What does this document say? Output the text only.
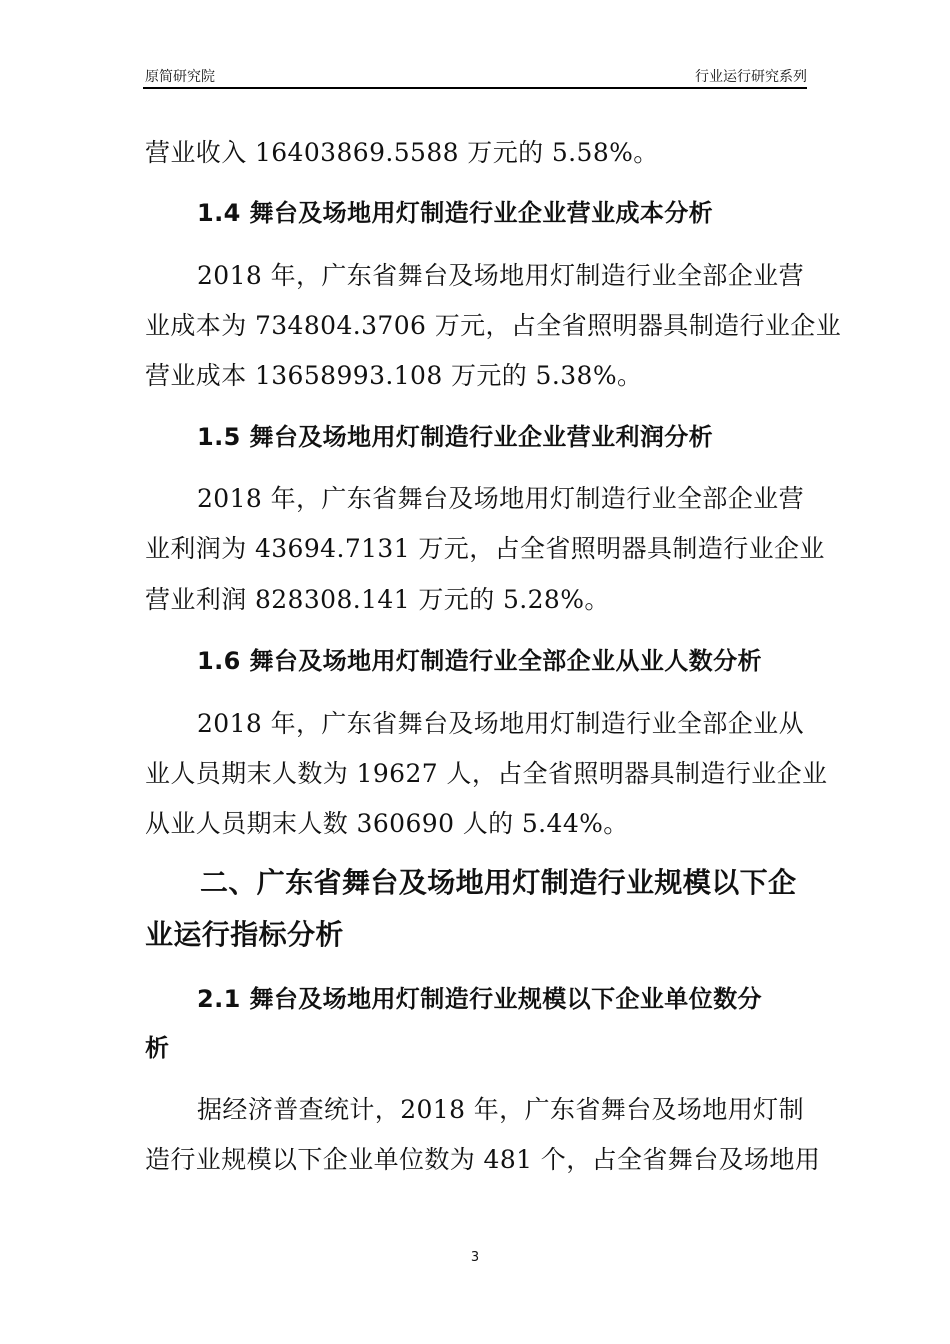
原简研究院	行业运行研究系列
营业收入 16403869.5588 万元的 5.58%。
1.4 舞台及场地用灯制造行业企业营业成本分析
2018 年，广东省舞台及场地用灯制造行业全部企业营
业成本为 734804.3706 万元，占全省照明器具制造行业企业
营业成本 13658993.108 万元的 5.38%。
1.5 舞台及场地用灯制造行业企业营业利润分析
2018 年，广东省舞台及场地用灯制造行业全部企业营
业利润为 43694.7131 万元，占全省照明器具制造行业企业
营业利润 828308.141 万元的 5.28%。
1.6 舞台及场地用灯制造行业全部企业从业人数分析
2018 年，广东省舞台及场地用灯制造行业全部企业从
业人员期末人数为 19627 人，占全省照明器具制造行业企业
从业人员期末人数 360690 人的 5.44%。
二、广东省舞台及场地用灯制造行业规模以下企
业运行指标分析
2.1 舞台及场地用灯制造行业规模以下企业单位数分
析
据经济普查统计，2018 年，广东省舞台及场地用灯制
造行业规模以下企业单位数为 481 个，占全省舞台及场地用
3
